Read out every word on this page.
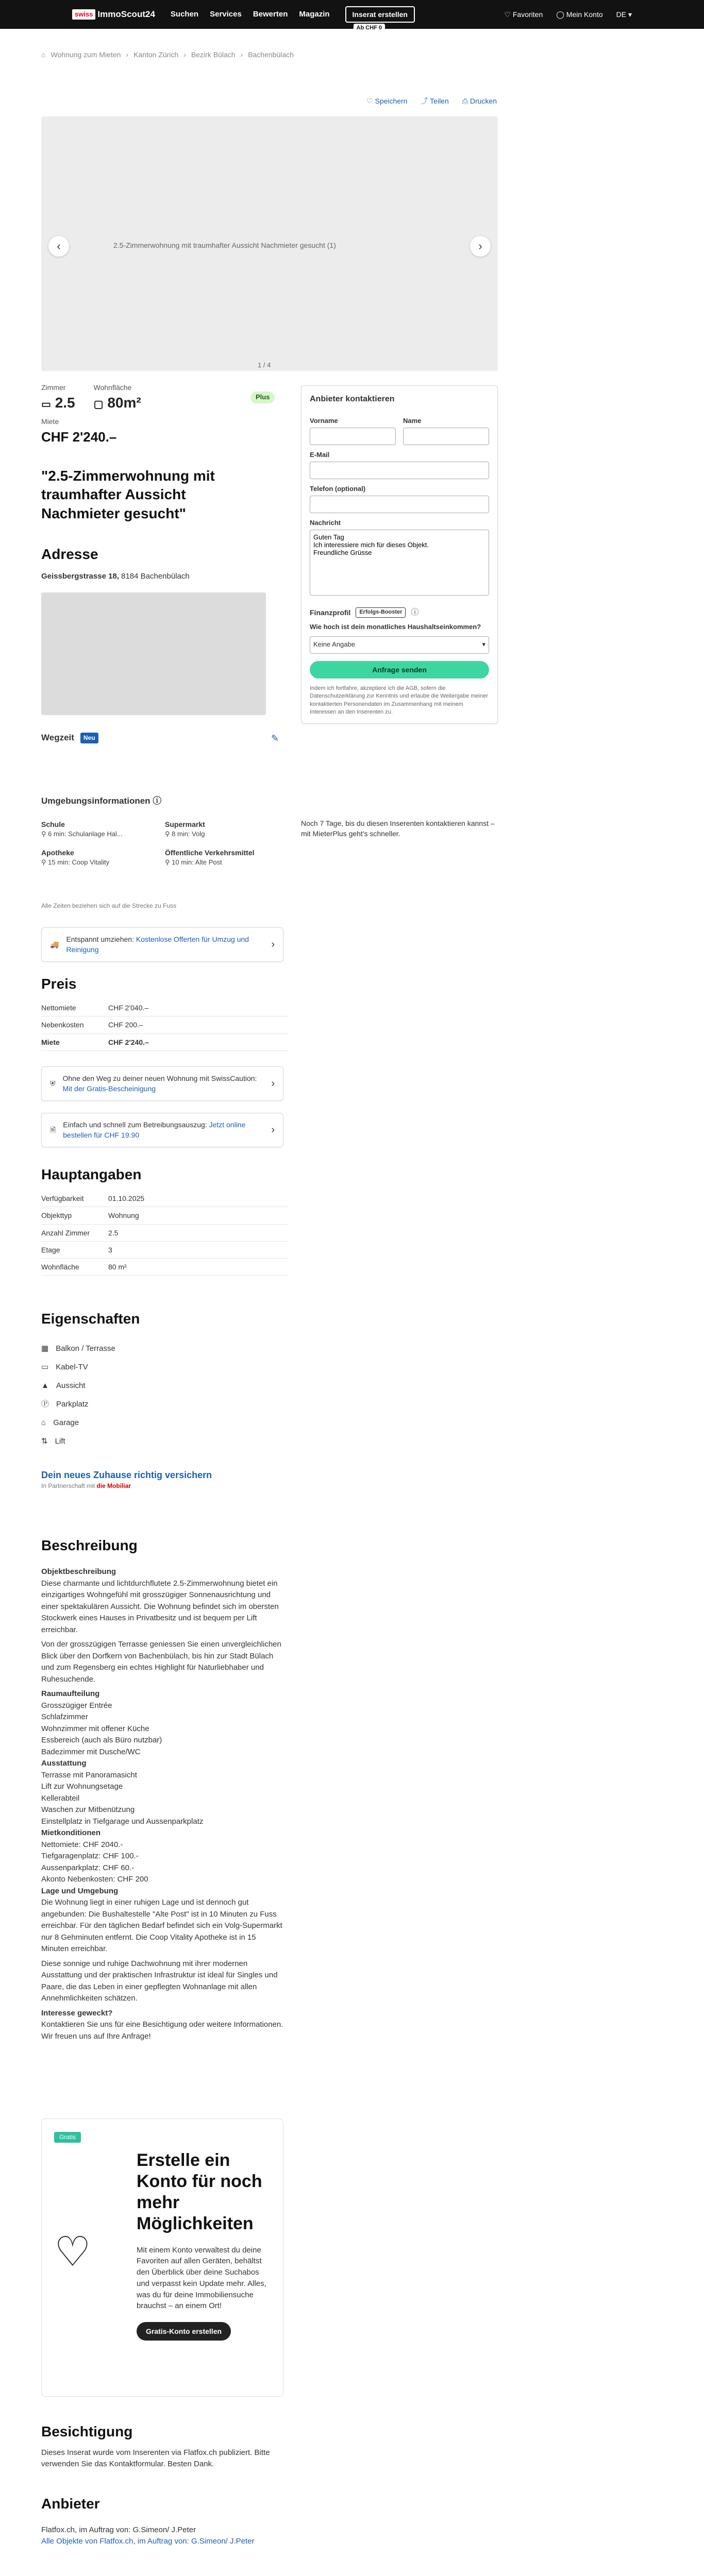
swiss ImmoScout24 Suchen Services Bewerten Magazin	Inserat erstellen
Ab CHF 0
♡ Favoriten ◯ Mein Konto DE ▾
⌂ Wohnung zum Mieten › Kanton Zürich › Bezirk Bülach › Bachenbülach
♡ Speichern ⤴ Teilen ⎙ Drucken
2.5-Zimmerwohnung mit traumhafter Aussicht Nachmieter gesucht (1)
‹	›
1 / 4
Plus
Zimmer
▭ 2.5
Wohnfläche
▢ 80m²
Miete
CHF 2'240.–
"2.5-Zimmerwohnung mit traumhafter Aussicht Nachmieter gesucht"
Anbieter kontaktieren
Vorname	Name
E-Mail
Telefon (optional)
Nachricht
Guten Tag Ich interessiere mich für dieses Objekt. Freundliche Grüsse
Finanzprofil	Erfolgs-Booster	ⓘ
Wie hoch ist dein monatliches Haushaltseinkommen?
Keine Angabe	▾
Anfrage senden
Indem ich fortfahre, akzeptiere ich die AGB, sofern die Datenschutzerklärung zur Kenntnis und erlaube die Weitergabe meiner kontaktierten Personendaten im Zusammenhang mit meinem Interessen an den Inserenten zu.
Noch 7 Tage, bis du diesen Inserenten kontaktieren kannst – mit MieterPlus geht's schneller.
Adresse
Geissbergstrasse 18, 8184 Bachenbülach
Wegzeit	Neu	✎
Umgebungsinformationen ⓘ
Schule
⚲ 6 min: Schulanlage Hal...
Supermarkt
⚲ 8 min: Volg
Apotheke
⚲ 15 min: Coop Vitality
Öffentliche Verkehrsmittel
⚲ 10 min: Alte Post
Alle Zeiten beziehen sich auf die Strecke zu Fuss
🚚
Entspannt umziehen: Kostenlose Offerten für Umzug und Reinigung	›
Preis
Nettomiete	CHF 2'040.–
Nebenkosten	CHF 200.–
Miete	CHF 2'240.–
⛨
Ohne den Weg zu deiner neuen Wohnung mit SwissCaution: Mit der Gratis-Bescheinigung	›
🗎
Einfach und schnell zum Betreibungsauszug: Jetzt online bestellen für CHF 19.90	›
Hauptangaben
Verfügbarkeit	01.10.2025
Objekttyp	Wohnung
Anzahl Zimmer	2.5
Etage	3
Wohnfläche	80 m²
Eigenschaften
▦ Balkon / Terrasse
▭ Kabel-TV
▲ Aussicht
Ⓟ Parkplatz
⌂ Garage
⇅ Lift
Dein neues Zuhause richtig versichern
In Partnerschaft mit die Mobiliar
Beschreibung
Objektbeschreibung
Diese charmante und lichtdurchflutete 2.5-Zimmerwohnung bietet ein einzigartiges Wohngefühl mit grosszügiger Sonnenausrichtung und einer spektakulären Aussicht. Die Wohnung befindet sich im obersten Stockwerk eines Hauses in Privatbesitz und ist bequem per Lift erreichbar.
Von der grosszügigen Terrasse geniessen Sie einen unvergleichlichen Blick über den Dorfkern von Bachenbülach, bis hin zur Stadt Bülach und zum Regensberg ein echtes Highlight für Naturliebhaber und Ruhesuchende.
Raumaufteilung
Grosszügiger Entrée
Schlafzimmer
Wohnzimmer mit offener Küche
Essbereich (auch als Büro nutzbar)
Badezimmer mit Dusche/WC
Ausstattung
Terrasse mit Panoramasicht
Lift zur Wohnungsetage
Kellerabteil
Waschen zur Mitbenützung
Einstellplatz in Tiefgarage und Aussenparkplatz
Mietkonditionen
Nettomiete: CHF 2040.-
Tiefgaragenplatz: CHF 100.-
Aussenparkplatz: CHF 60.-
Akonto Nebenkosten: CHF 200
Lage und Umgebung
Die Wohnung liegt in einer ruhigen Lage und ist dennoch gut angebunden: Die Bushaltestelle "Alte Post" ist in 10 Minuten zu Fuss erreichbar. Für den täglichen Bedarf befindet sich ein Volg-Supermarkt nur 8 Gehminuten entfernt. Die Coop Vitality Apotheke ist in 15 Minuten erreichbar.
Diese sonnige und ruhige Dachwohnung mit ihrer modernen Ausstattung und der praktischen Infrastruktur ist ideal für Singles und Paare, die das Leben in einer gepflegten Wohnanlage mit allen Annehmlichkeiten schätzen.
Interesse geweckt?
Kontaktieren Sie uns für eine Besichtigung oder weitere Informationen. Wir freuen uns auf Ihre Anfrage!
Gratis
Erstelle ein Konto für noch mehr Möglichkeiten
♡	Mit einem Konto verwaltest du deine Favoriten auf allen Geräten, behältst den Überblick über deine Suchabos und verpasst kein Update mehr. Alles, was du für deine Immobiliensuche brauchst – an einem Ort!

Gratis-Konto erstellen
Besichtigung
Dieses Inserat wurde vom Inserenten via Flatfox.ch publiziert. Bitte verwenden Sie das Kontaktformular. Besten Dank.
Anbieter
Flatfox.ch, im Auftrag von: G.Simeon/ J.Peter
Alle Objekte von Flatfox.ch, im Auftrag von: G.Simeon/ J.Peter
